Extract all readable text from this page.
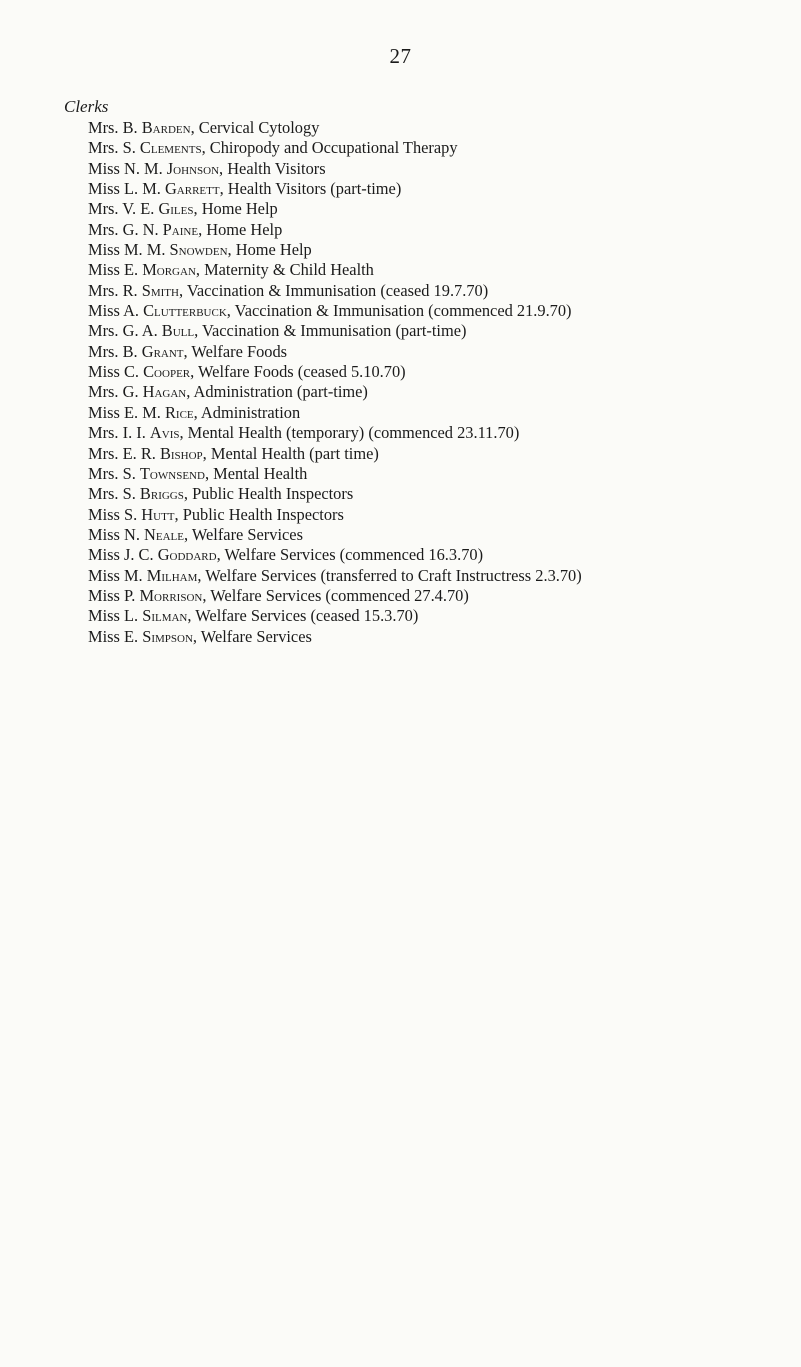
27
Clerks
Mrs. B. Barden, Cervical Cytology
Mrs. S. Clements, Chiropody and Occupational Therapy
Miss N. M. Johnson, Health Visitors
Miss L. M. Garrett, Health Visitors (part-time)
Mrs. V. E. Giles, Home Help
Mrs. G. N. Paine, Home Help
Miss M. M. Snowden, Home Help
Miss E. Morgan, Maternity & Child Health
Mrs. R. Smith, Vaccination & Immunisation (ceased 19.7.70)
Miss A. Clutterbuck, Vaccination & Immunisation (commenced 21.9.70)
Mrs. G. A. Bull, Vaccination & Immunisation (part-time)
Mrs. B. Grant, Welfare Foods
Miss C. Cooper, Welfare Foods (ceased 5.10.70)
Mrs. G. Hagan, Administration (part-time)
Miss E. M. Rice, Administration
Mrs. I. I. Avis, Mental Health (temporary) (commenced 23.11.70)
Mrs. E. R. Bishop, Mental Health (part time)
Mrs. S. Townsend, Mental Health
Mrs. S. Briggs, Public Health Inspectors
Miss S. Hutt, Public Health Inspectors
Miss N. Neale, Welfare Services
Miss J. C. Goddard, Welfare Services (commenced 16.3.70)
Miss M. Milham, Welfare Services (transferred to Craft Instructress 2.3.70)
Miss P. Morrison, Welfare Services (commenced 27.4.70)
Miss L. Silman, Welfare Services (ceased 15.3.70)
Miss E. Simpson, Welfare Services
